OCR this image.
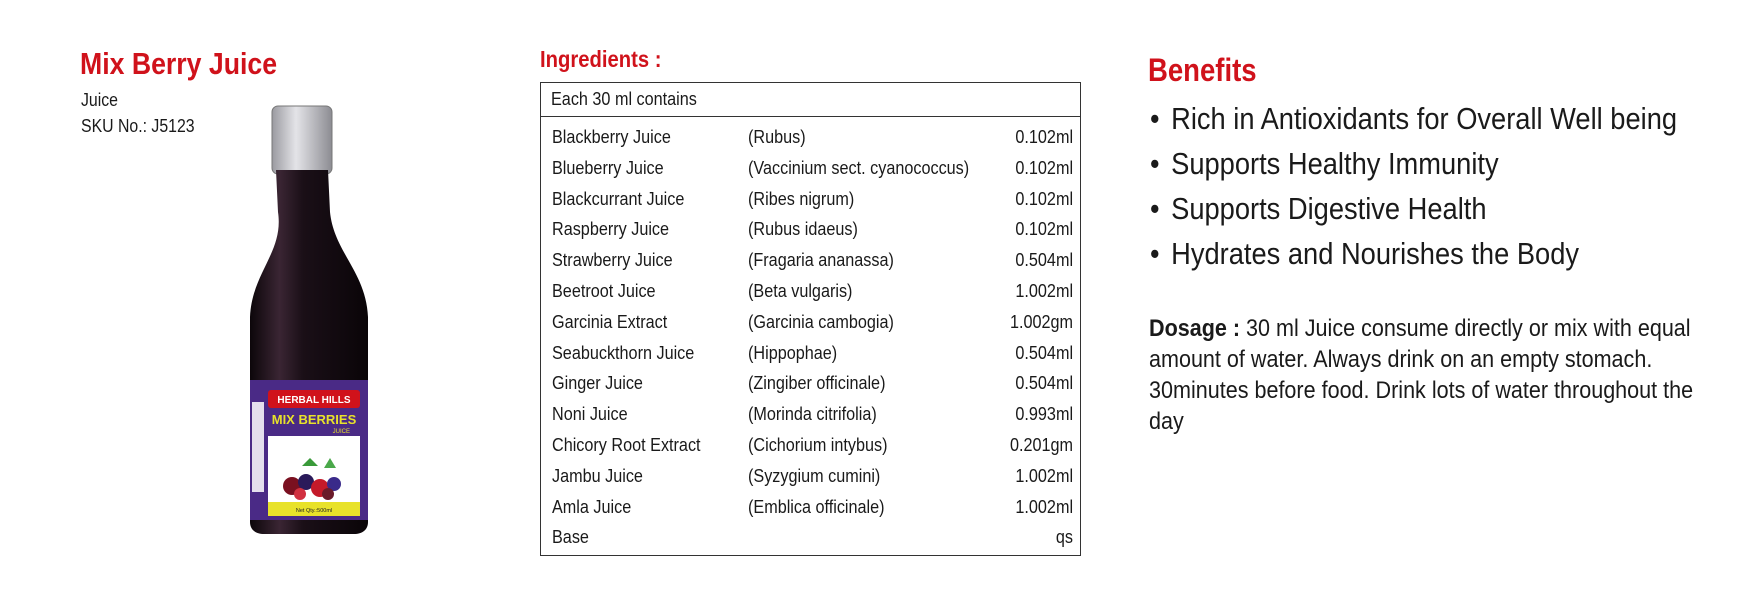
Mix Berry Juice
Juice
SKU No.: J5123
HERBAL HILLS
MIX BERRIES
JUICE
Net Qty.:500ml
Ingredients :
Each 30 ml contains
Blackberry Juice	(Rubus)	0.102ml
Blueberry Juice	(Vaccinium sect. cyanococcus)	0.102ml
Blackcurrant Juice	(Ribes nigrum)	0.102ml
Raspberry Juice	(Rubus idaeus)	0.102ml
Strawberry Juice	(Fragaria ananassa)	0.504ml
Beetroot Juice	(Beta vulgaris)	1.002ml
Garcinia Extract	(Garcinia cambogia)	1.002gm
Seabuckthorn Juice	(Hippophae)	0.504ml
Ginger Juice	(Zingiber officinale)	0.504ml
Noni Juice	(Morinda citrifolia)	0.993ml
Chicory Root Extract	(Cichorium intybus)	0.201gm
Jambu Juice	(Syzygium cumini)	1.002ml
Amla Juice	(Emblica officinale)	1.002ml
Base	qs
Benefits
• Rich in Antioxidants for Overall Well being
• Supports Healthy Immunity
• Supports Digestive Health
• Hydrates and Nourishes the Body
Dosage : 30 ml Juice consume directly or mix with equal amount of water. Always drink on an empty stomach. 30minutes before food. Drink lots of water throughout the day
